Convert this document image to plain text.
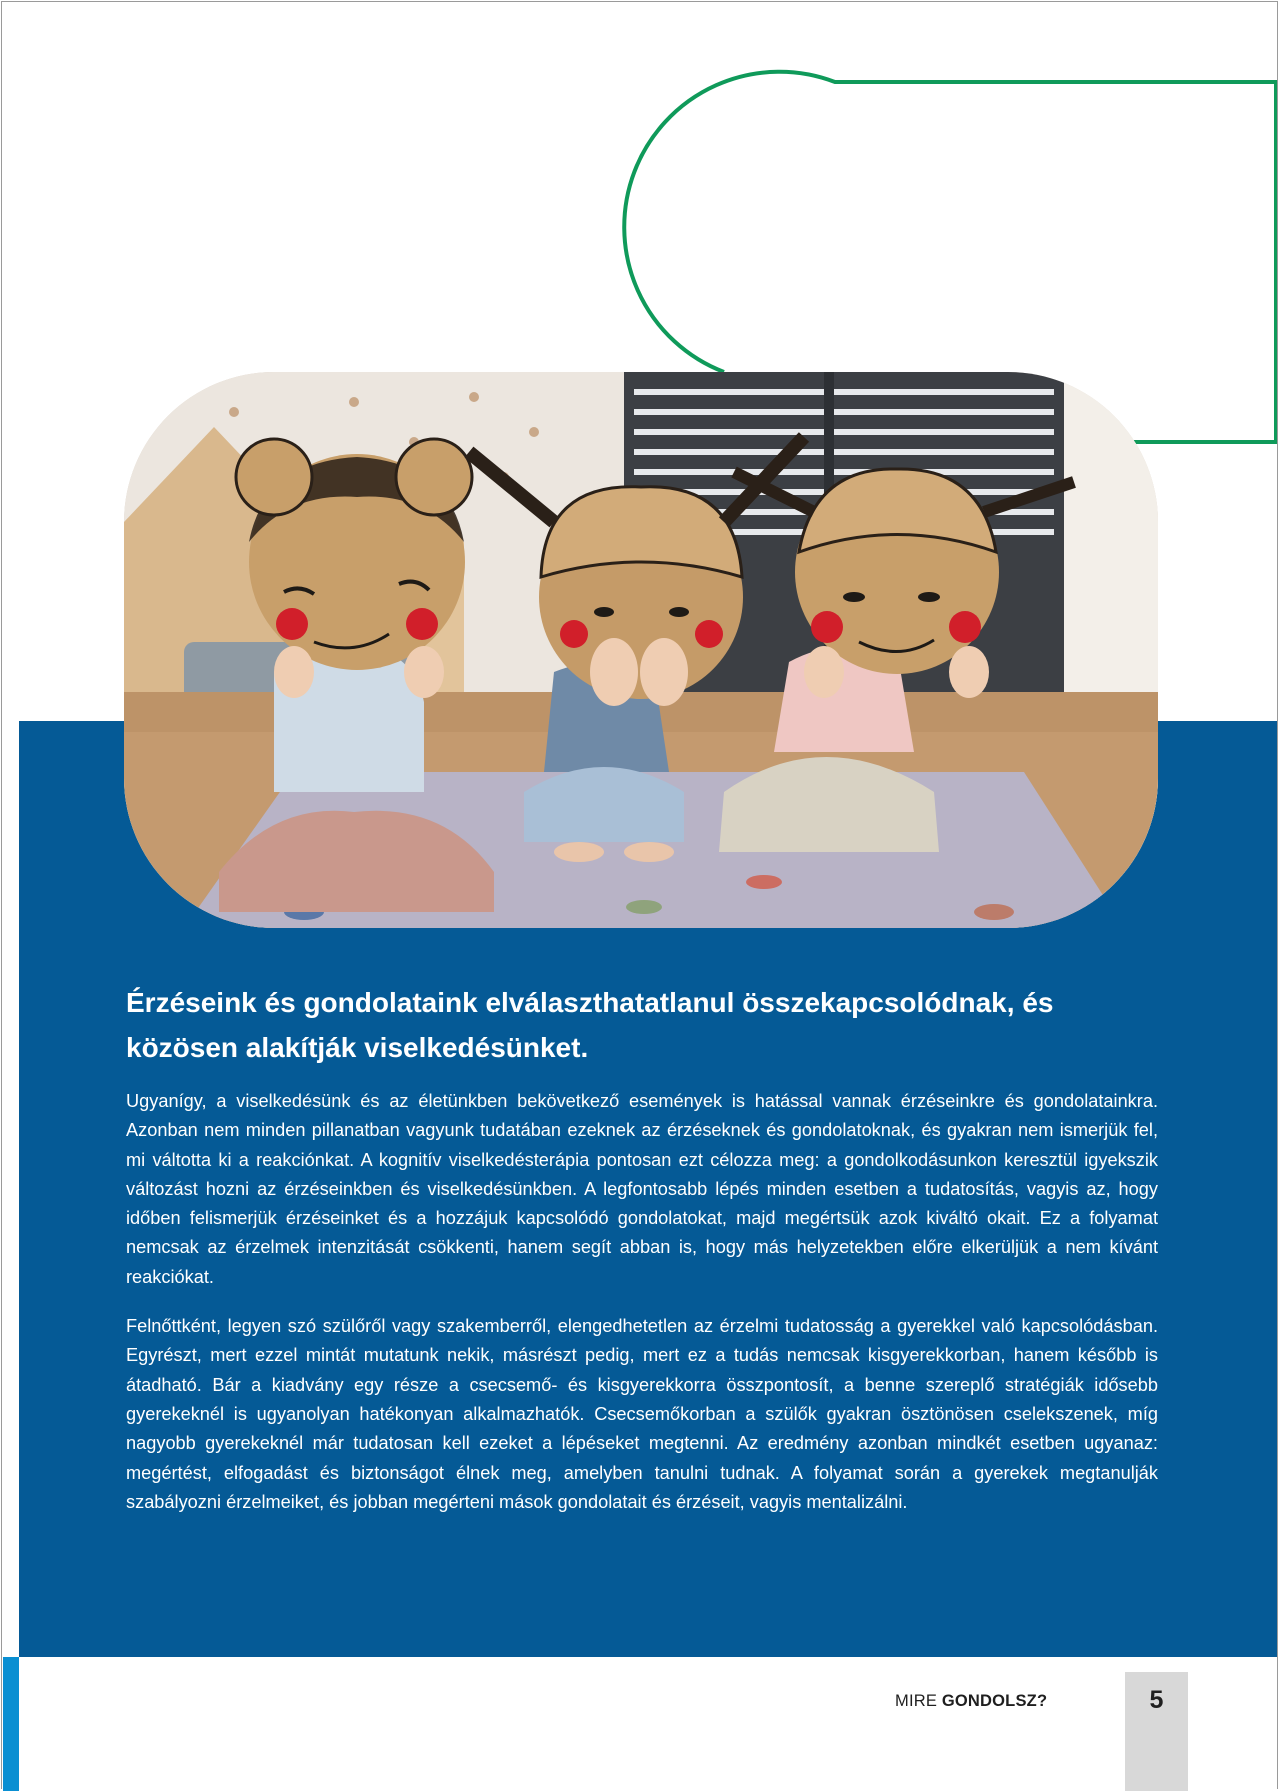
Érzéseink és gondolataink elválaszthatatlanul összekapcsolódnak, és közösen alakítják viselkedésünket.

Ugyanígy, a viselkedésünk és az életünkben bekövetkező események is hatással vannak érzéseinkre és gondolatainkra. Azonban nem minden pillanatban vagyunk tudatában ezeknek az érzéseknek és gondolatoknak, és gyakran nem ismerjük fel, mi váltotta ki a reakciónkat. A kognitív viselkedésterápia pontosan ezt célozza meg: a gondolkodásunkon keresztül igyekszik változást hozni az érzéseinkben és viselkedésünkben. A legfontosabb lépés minden esetben a tudatosítás, vagyis az, hogy időben felismerjük érzéseinket és a hozzájuk kapcsolódó gondolatokat, majd megértsük azok kiváltó okait. Ez a folyamat nemcsak az érzelmek intenzitását csökkenti, hanem segít abban is, hogy más helyzetekben előre elkerüljük a nem kívánt reakciókat.

Felnőttként, legyen szó szülőről vagy szakemberről, elengedhetetlen az érzelmi tudatosság a gyerekkel való kapcsolódásban. Egyrészt, mert ezzel mintát mutatunk nekik, másrészt pedig, mert ez a tudás nemcsak kisgyerekkorban, hanem később is átadható. Bár a kiadvány egy része a csecsemő- és kisgyerekkorra összpontosít, a benne szereplő stratégiák idősebb gyerekeknél is ugyanolyan hatékonyan alkalmazhatók. Csecsemőkorban a szülők gyakran ösztönösen cselekszenek, míg nagyobb gyerekeknél már tudatosan kell ezeket a lépéseket megtenni. Az eredmény azonban mindkét esetben ugyanaz: megértést, elfogadást és biztonságot élnek meg, amelyben tanulni tudnak. A folyamat során a gyerekek megtanulják szabályozni érzelmeiket, és jobban megérteni mások gondolatait és érzéseit, vagyis mentalizálni.

MIRE GONDOLSZ?	5
